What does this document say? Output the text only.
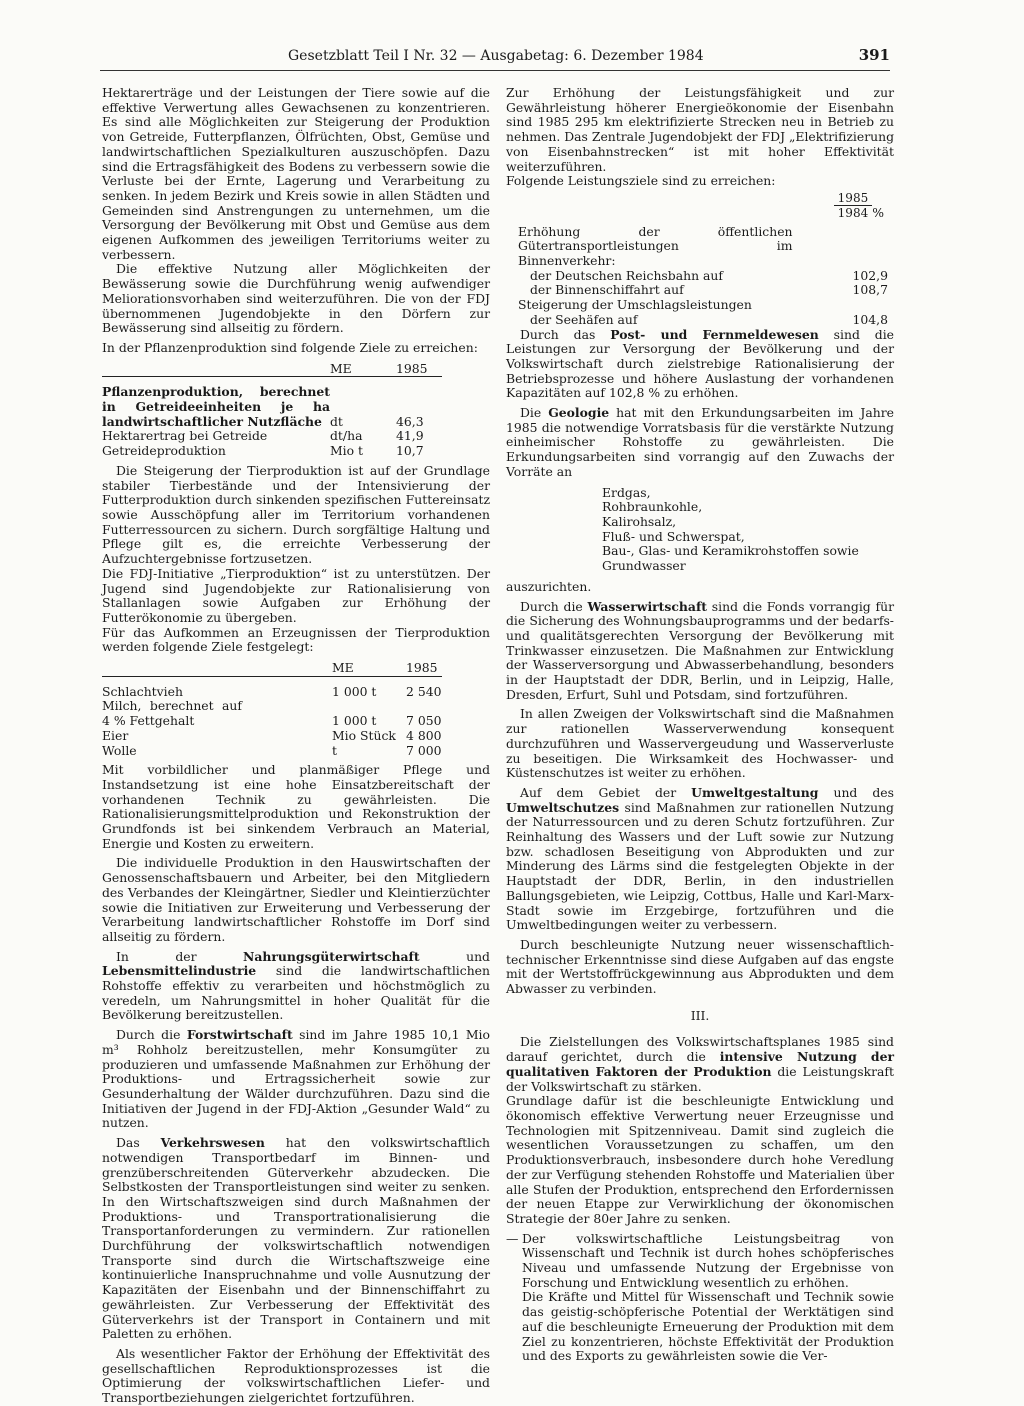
Gesetzblatt Teil I Nr. 32 — Ausgabetag: 6. Dezember 1984	391

Hektarerträge und der Leistungen der Tiere sowie auf die effektive Verwertung alles Gewachsenen zu konzentrieren. Es sind alle Möglichkeiten zur Steigerung der Produktion von Getreide, Futterpflanzen, Ölfrüchten, Obst, Gemüse und landwirtschaftlichen Spezialkulturen auszuschöpfen. Dazu sind die Ertragsfähigkeit des Bodens zu verbessern sowie die Verluste bei der Ernte, Lagerung und Verarbeitung zu senken. In jedem Bezirk und Kreis sowie in allen Städten und Gemeinden sind Anstrengungen zu unternehmen, um die Versorgung der Bevölkerung mit Obst und Gemüse aus dem eigenen Aufkommen des jeweiligen Territoriums weiter zu verbessern.

Die effektive Nutzung aller Möglichkeiten der Bewässerung sowie die Durchführung wenig aufwendiger Meliorationsvorhaben sind weiterzuführen. Die von der FDJ übernommenen Jugendobjekte in den Dörfern zur Bewässerung sind allseitig zu fördern.

In der Pflanzenproduktion sind folgende Ziele zu erreichen:

	ME	1985

Pflanzenproduktion, berechnet in Getreideeinheiten je ha landwirtschaftlicher Nutzfläche	dt	46,3
Hektarertrag bei Getreide	dt/ha	41,9
Getreideproduktion	Mio t	10,7

Die Steigerung der Tierproduktion ist auf der Grundlage stabiler Tierbestände und der Intensivierung der Futterproduktion durch sinkenden spezifischen Futtereinsatz sowie Ausschöpfung aller im Territorium vorhandenen Futterressourcen zu sichern. Durch sorgfältige Haltung und Pflege gilt es, die erreichte Verbesserung der Aufzuchtergebnisse fortzusetzen.

Die FDJ-Initiative „Tierproduktion“ ist zu unterstützen. Der Jugend sind Jugendobjekte zur Rationalisierung von Stallanlagen sowie Aufgaben zur Erhöhung der Futterökonomie zu übergeben.

Für das Aufkommen an Erzeugnissen der Tierproduktion werden folgende Ziele festgelegt:

	ME	1985

Schlachtvieh	1 000 t	2 540
Milch, berechnet auf 4 % Fettgehalt	1 000 t	7 050
Eier	Mio Stück	4 800
Wolle	t	7 000

Mit vorbildlicher und planmäßiger Pflege und Instandsetzung ist eine hohe Einsatzbereitschaft der vorhandenen Technik zu gewährleisten. Die Rationalisierungsmittelproduktion und Rekonstruktion der Grundfonds ist bei sinkendem Verbrauch an Material, Energie und Kosten zu erweitern.

Die individuelle Produktion in den Hauswirtschaften der Genossenschaftsbauern und Arbeiter, bei den Mitgliedern des Verbandes der Kleingärtner, Siedler und Kleintierzüchter sowie die Initiativen zur Erweiterung und Verbesserung der Verarbeitung landwirtschaftlicher Rohstoffe im Dorf sind allseitig zu fördern.

In der Nahrungsgüterwirtschaft und Lebensmittelindustrie sind die landwirtschaftlichen Rohstoffe effektiv zu verarbeiten und höchstmöglich zu veredeln, um Nahrungsmittel in hoher Qualität für die Bevölkerung bereitzustellen.

Durch die Forstwirtschaft sind im Jahre 1985 10,1 Mio m³ Rohholz bereitzustellen, mehr Konsumgüter zu produzieren und umfassende Maßnahmen zur Erhöhung der Produktions- und Ertragssicherheit sowie zur Gesunderhaltung der Wälder durchzuführen. Dazu sind die Initiativen der Jugend in der FDJ-Aktion „Gesunder Wald“ zu nutzen.

Das Verkehrswesen hat den volkswirtschaftlich notwendigen Transportbedarf im Binnen- und grenzüberschreitenden Güterverkehr abzudecken. Die Selbstkosten der Transportleistungen sind weiter zu senken. In den Wirtschaftszweigen sind durch Maßnahmen der Produktions- und Transportrationalisierung die Transportanforderungen zu vermindern. Zur rationellen Durchführung der volkswirtschaftlich notwendigen Transporte sind durch die Wirtschaftszweige eine kontinuierliche Inanspruchnahme und volle Ausnutzung der Kapazitäten der Eisenbahn und der Binnenschiffahrt zu gewährleisten. Zur Verbesserung der Effektivität des Güterverkehrs ist der Transport in Containern und mit Paletten zu erhöhen.

Als wesentlicher Faktor der Erhöhung der Effektivität des gesellschaftlichen Reproduktionsprozesses ist die Optimierung der volkswirtschaftlichen Liefer- und Transportbeziehungen zielgerichtet fortzuführen.

Zur Erhöhung der Leistungsfähigkeit und zur Gewährleistung höherer Energieökonomie der Eisenbahn sind 1985 295 km elektrifizierte Strecken neu in Betrieb zu nehmen. Das Zentrale Jugendobjekt der FDJ „Elektrifizierung von Eisenbahnstrecken“ ist mit hoher Effektivität weiterzuführen.

Folgende Leistungsziele sind zu erreichen:

$\frac{1985}{1984}$ %
Erhöhung der öffentlichen Gütertransportleistungen im Binnenverkehr:	
der Deutschen Reichsbahn auf	102,9
der Binnenschiffahrt auf	108,7
Steigerung der Umschlagsleistungen	
der Seehäfen auf	104,8

Durch das Post- und Fernmeldewesen sind die Leistungen zur Versorgung der Bevölkerung und der Volkswirtschaft durch zielstrebige Rationalisierung der Betriebsprozesse und höhere Auslastung der vorhandenen Kapazitäten auf 102,8 % zu erhöhen.

Die Geologie hat mit den Erkundungsarbeiten im Jahre 1985 die notwendige Vorratsbasis für die verstärkte Nutzung einheimischer Rohstoffe zu gewährleisten. Die Erkundungsarbeiten sind vorrangig auf den Zuwachs der Vorräte an

Erdgas,
Rohbraunkohle,
Kalirohsalz,
Fluß- und Schwerspat,
Bau-, Glas- und Keramikrohstoffen sowie
Grundwasser

auszurichten.

Durch die Wasserwirtschaft sind die Fonds vorrangig für die Sicherung des Wohnungsbauprogramms und der bedarfs- und qualitätsgerechten Versorgung der Bevölkerung mit Trinkwasser einzusetzen. Die Maßnahmen zur Entwicklung der Wasserversorgung und Abwasserbehandlung, besonders in der Hauptstadt der DDR, Berlin, und in Leipzig, Halle, Dresden, Erfurt, Suhl und Potsdam, sind fortzuführen.

In allen Zweigen der Volkswirtschaft sind die Maßnahmen zur rationellen Wasserverwendung konsequent durchzuführen und Wasservergeudung und Wasserverluste zu beseitigen. Die Wirksamkeit des Hochwasser- und Küstenschutzes ist weiter zu erhöhen.

Auf dem Gebiet der Umweltgestaltung und des Umweltschutzes sind Maßnahmen zur rationellen Nutzung der Naturressourcen und zu deren Schutz fortzuführen. Zur Reinhaltung des Wassers und der Luft sowie zur Nutzung bzw. schadlosen Beseitigung von Abprodukten und zur Minderung des Lärms sind die festgelegten Objekte in der Hauptstadt der DDR, Berlin, in den industriellen Ballungsgebieten, wie Leipzig, Cottbus, Halle und Karl-Marx-Stadt sowie im Erzgebirge, fortzuführen und die Umweltbedingungen weiter zu verbessern.

Durch beschleunigte Nutzung neuer wissenschaftlich-technischer Erkenntnisse sind diese Aufgaben auf das engste mit der Wertstoffrückgewinnung aus Abprodukten und dem Abwasser zu verbinden.

III.

Die Zielstellungen des Volkswirtschaftsplanes 1985 sind darauf gerichtet, durch die intensive Nutzung der qualitativen Faktoren der Produktion die Leistungskraft der Volkswirtschaft zu stärken.

Grundlage dafür ist die beschleunigte Entwicklung und ökonomisch effektive Verwertung neuer Erzeugnisse und Technologien mit Spitzenniveau. Damit sind zugleich die wesentlichen Voraussetzungen zu schaffen, um den Produktionsverbrauch, insbesondere durch hohe Veredlung der zur Verfügung stehenden Rohstoffe und Materialien über alle Stufen der Produktion, entsprechend den Erfordernissen der neuen Etappe zur Verwirklichung der ökonomischen Strategie der 80er Jahre zu senken.

— Der volkswirtschaftliche Leistungsbeitrag von Wissenschaft und Technik ist durch hohes schöpferisches Niveau und umfassende Nutzung der Ergebnisse von Forschung und Entwicklung wesentlich zu erhöhen.

Die Kräfte und Mittel für Wissenschaft und Technik sowie das geistig-schöpferische Potential der Werktätigen sind auf die beschleunigte Erneuerung der Produktion mit dem Ziel zu konzentrieren, höchste Effektivität der Produktion und des Exports zu gewährleisten sowie die Ver-
